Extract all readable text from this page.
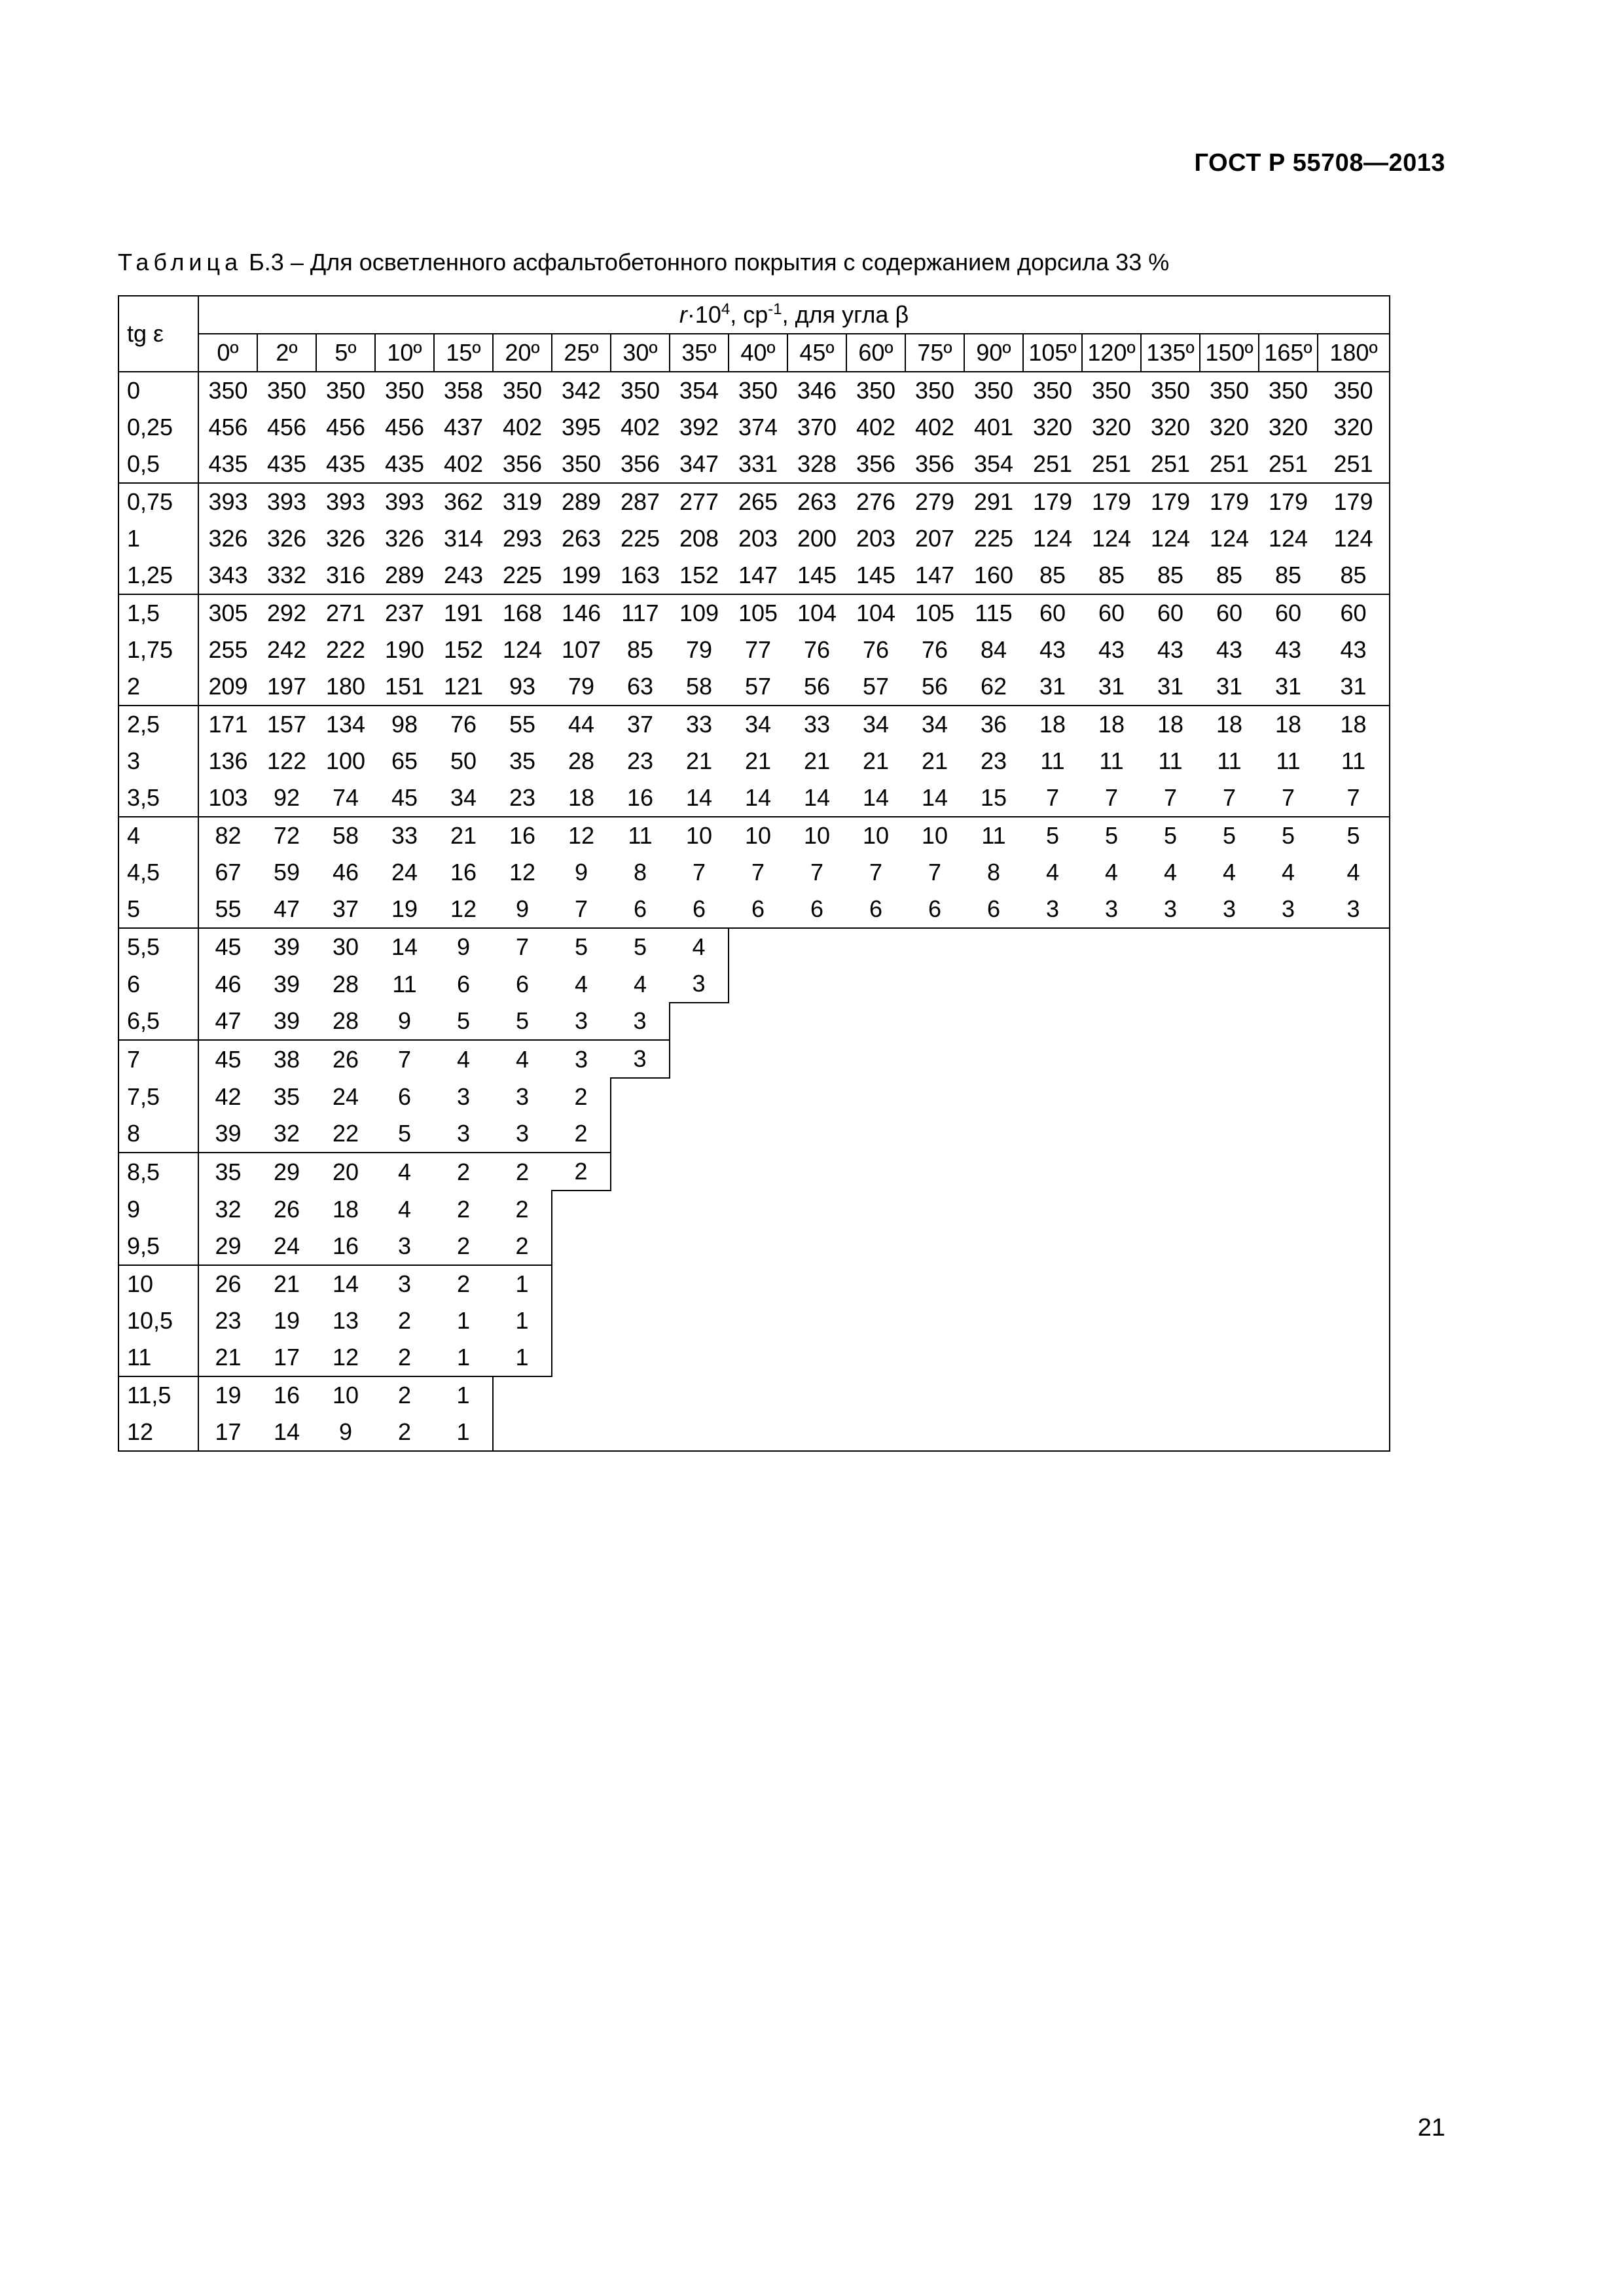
ГОСТ Р 55708—2013
Таблица Б.3 – Для осветленного асфальтобетонного покрытия с содержанием дорсила 33 %
tg ε	$r\cdot 10^4$, $ср^{-1}$, для угла β																			
	0º	2º	5º	10º	15º	20º	25º	30º	35º	40º	45º	60º	75º	90º	105º	120º	135º	150º	165º	180º
0	350	350	350	350	358	350	342	350	354	350	346	350	350	350	350	350	350	350	350	350
0,25	456	456	456	456	437	402	395	402	392	374	370	402	402	401	320	320	320	320	320	320
0,5	435	435	435	435	402	356	350	356	347	331	328	356	356	354	251	251	251	251	251	251
0,75	393	393	393	393	362	319	289	287	277	265	263	276	279	291	179	179	179	179	179	179
1	326	326	326	326	314	293	263	225	208	203	200	203	207	225	124	124	124	124	124	124
1,25	343	332	316	289	243	225	199	163	152	147	145	145	147	160	85	85	85	85	85	85
1,5	305	292	271	237	191	168	146	117	109	105	104	104	105	115	60	60	60	60	60	60
1,75	255	242	222	190	152	124	107	85	79	77	76	76	76	84	43	43	43	43	43	43
2	209	197	180	151	121	93	79	63	58	57	56	57	56	62	31	31	31	31	31	31
2,5	171	157	134	98	76	55	44	37	33	34	33	34	34	36	18	18	18	18	18	18
3	136	122	100	65	50	35	28	23	21	21	21	21	21	23	11	11	11	11	11	11
3,5	103	92	74	45	34	23	18	16	14	14	14	14	14	15	7	7	7	7	7	7
4	82	72	58	33	21	16	12	11	10	10	10	10	10	11	5	5	5	5	5	5
4,5	67	59	46	24	16	12	9	8	7	7	7	7	7	8	4	4	4	4	4	4
5	55	47	37	19	12	9	7	6	6	6	6	6	6	6	3	3	3	3	3	3
5,5	45	39	30	14	9	7	5	5	4											
6	46	39	28	11	6	6	4	4	3											
6,5	47	39	28	9	5	5	3	3												
7	45	38	26	7	4	4	3	3												
7,5	42	35	24	6	3	3	2													
8	39	32	22	5	3	3	2													
8,5	35	29	20	4	2	2	2													
9	32	26	18	4	2	2														
9,5	29	24	16	3	2	2														
10	26	21	14	3	2	1														
10,5	23	19	13	2	1	1														
11	21	17	12	2	1	1														
11,5	19	16	10	2	1															
12	17	14	9	2	1															
21
